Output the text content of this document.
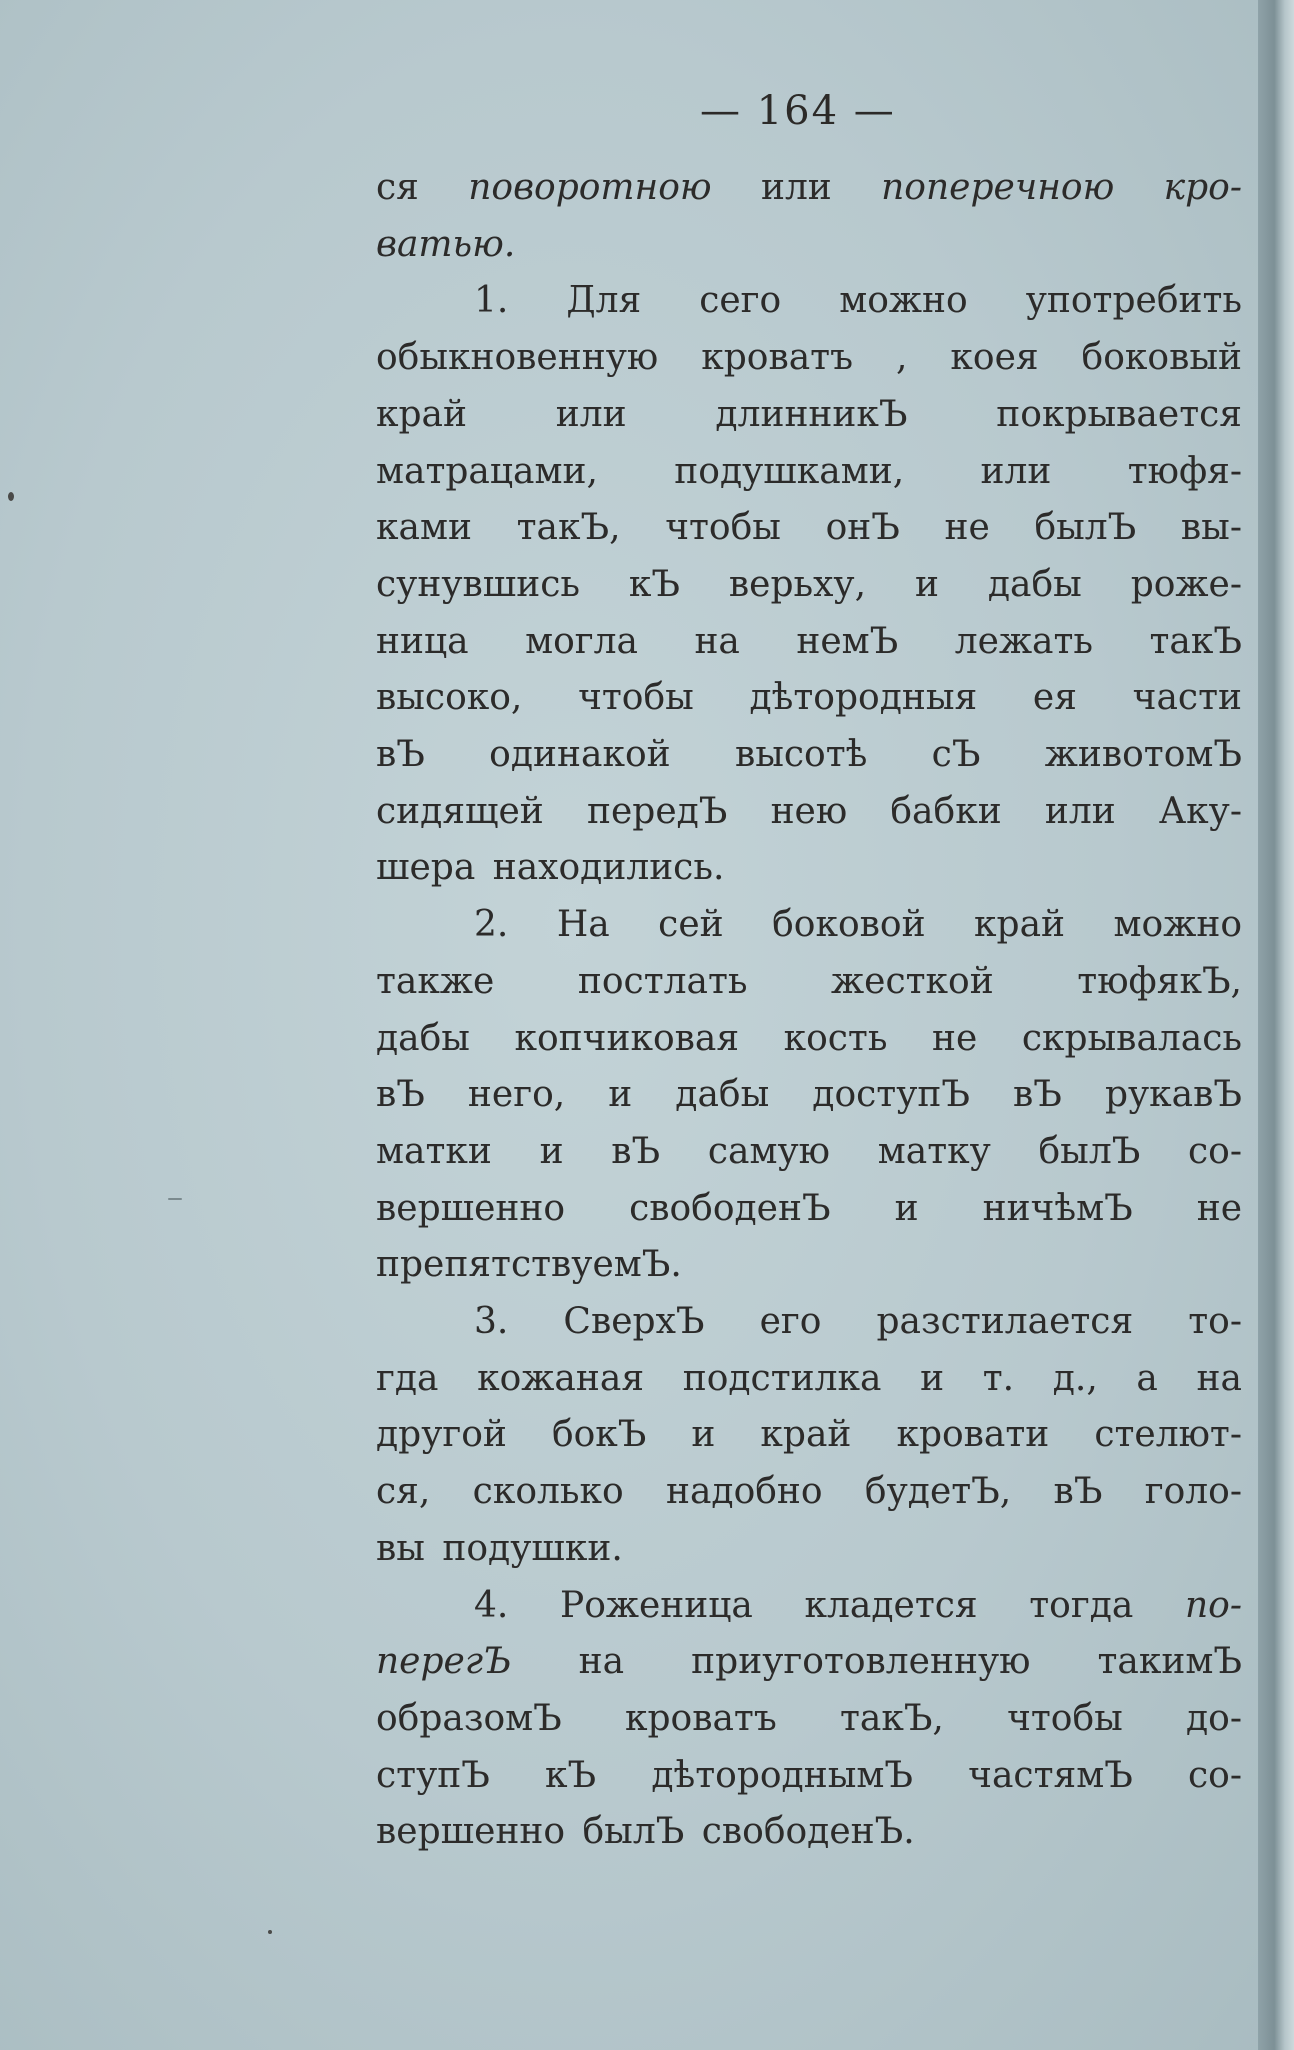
— 164 —

ся поворотною или поперечною кро-
ватью.

1. Для сего можно употребить
обыкновенную кроватъ , коея боковый
край или длинникЪ покрывается
матрацами, подушками, или тюфя-
ками такЪ, чтобы онЪ не былЪ вы-
сунувшись кЪ верьху, и дабы роже-
ница могла на немЪ лежать такЪ
высоко, чтобы дѣтородныя ея части
вЪ одинакой высотѣ сЪ животомЪ
сидящей передЪ нею бабки или Аку-
шера находились.

2. На сей боковой край можно
также постлать жесткой тюфякЪ,
дабы копчиковая кость не скрывалась
вЪ него, и дабы доступЪ вЪ рукавЪ
матки и вЪ самую матку былЪ со-
вершенно свободенЪ и ничѣмЪ не
препятствуемЪ.

3. СверхЪ его разстилается то-
гда кожаная подстилка и т. д., а на
другой бокЪ и край кровати стелют-
ся, сколько надобно будетЪ, вЪ голо-
вы подушки.

4. Роженица кладется тогда по-
перегЪ на приуготовленную такимЪ
образомЪ кроватъ такЪ, чтобы до-
ступЪ кЪ дѣтороднымЪ частямЪ со-
вершенно былЪ свободенЪ.
